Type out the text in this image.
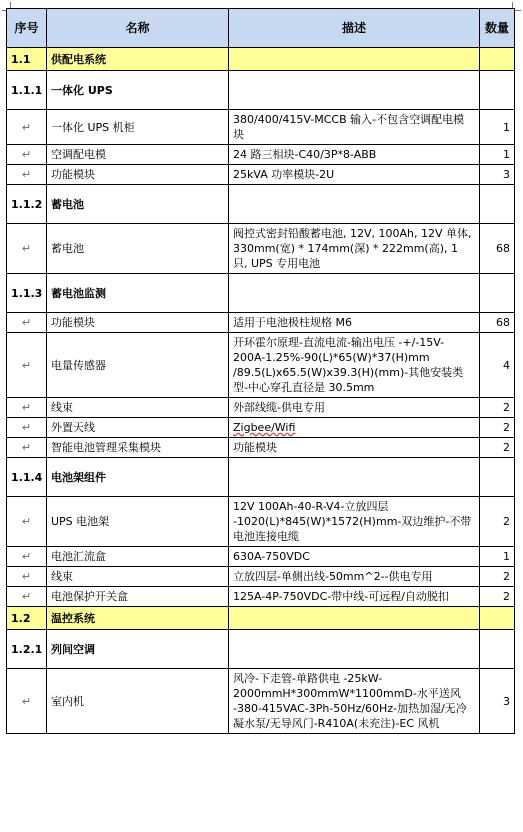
序号	名称	描述	数量
1.1	供配电系统		
1.1.1	一体化 UPS		
↵	一体化 UPS 机柜	380/400/415V-MCCB 输入-不包含空调配电模块	1
↵	空调配电模	24 路三相块-C40/3P*8-ABB	1
↵	功能模块	25kVA 功率模块-2U	3
1.1.2	蓄电池		
↵	蓄电池	阀控式密封铅酸蓄电池, 12V, 100Ah, 12V 单体, 330mm(宽) * 174mm(深) * 222mm(高), 1 只, UPS 专用电池	68
1.1.3	蓄电池监测		
↵	功能模块	适用于电池极柱规格 M6	68
↵	电量传感器	开环霍尔原理-直流电流-输出电压 -+/-15V-200A-1.25%-90(L)*65(W)*37(H)mm /89.5(L)x65.5(W)x39.3(H)(mm)-其他安装类型-中心穿孔直径是 30.5mm	4
↵	线束	外部线缆-供电专用	2
↵	外置天线	Zigbee/Wifi	2
↵	智能电池管理采集模块	功能模块	2
1.1.4	电池架组件		
↵	UPS 电池架	12V 100Ah-40-R-V4-立放四层 -1020(L)*845(W)*1572(H)mm-双边维护-不带电池连接电缆	2
↵	电池汇流盒	630A-750VDC	1
↵	线束	立放四层-单侧出线-50mm^2--供电专用	2
↵	电池保护开关盒	125A-4P-750VDC-带中线-可远程/自动脱扣	2
1.2	温控系统		
1.2.1	列间空调		
↵	室内机	风冷-下走管-单路供电 -25kW-2000mmH*300mmW*1100mmD-水平送风 -380-415VAC-3Ph-50Hz/60Hz-加热加湿/无冷凝水泵/无导风门-R410A(未充注)-EC 风机	3
